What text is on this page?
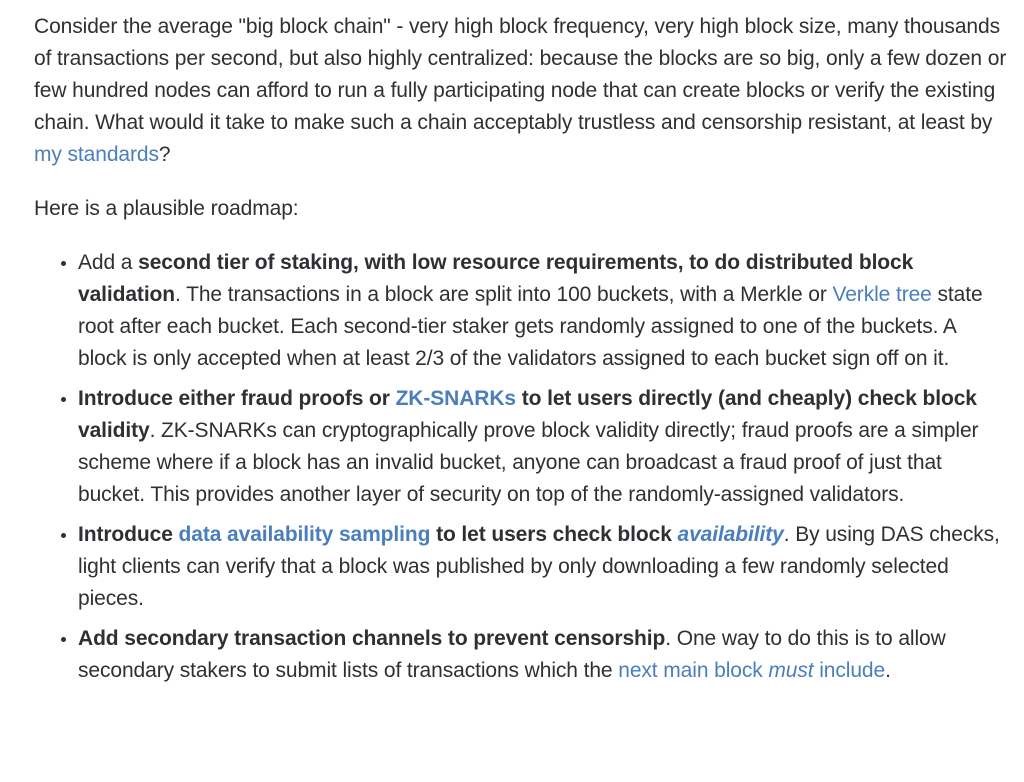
Consider the average "big block chain" - very high block frequency, very high block size, many thousands of transactions per second, but also highly centralized: because the blocks are so big, only a few dozen or few hundred nodes can afford to run a fully participating node that can create blocks or verify the existing chain. What would it take to make such a chain acceptably trustless and censorship resistant, at least by my standards?

Here is a plausible roadmap:

• Add a second tier of staking, with low resource requirements, to do distributed block validation. The transactions in a block are split into 100 buckets, with a Merkle or Verkle tree state root after each bucket. Each second-tier staker gets randomly assigned to one of the buckets. A block is only accepted when at least 2/3 of the validators assigned to each bucket sign off on it.
• Introduce either fraud proofs or ZK-SNARKs to let users directly (and cheaply) check block validity. ZK-SNARKs can cryptographically prove block validity directly; fraud proofs are a simpler scheme where if a block has an invalid bucket, anyone can broadcast a fraud proof of just that bucket. This provides another layer of security on top of the randomly-assigned validators.
• Introduce data availability sampling to let users check block availability. By using DAS checks, light clients can verify that a block was published by only downloading a few randomly selected pieces.
• Add secondary transaction channels to prevent censorship. One way to do this is to allow secondary stakers to submit lists of transactions which the next main block must include.
